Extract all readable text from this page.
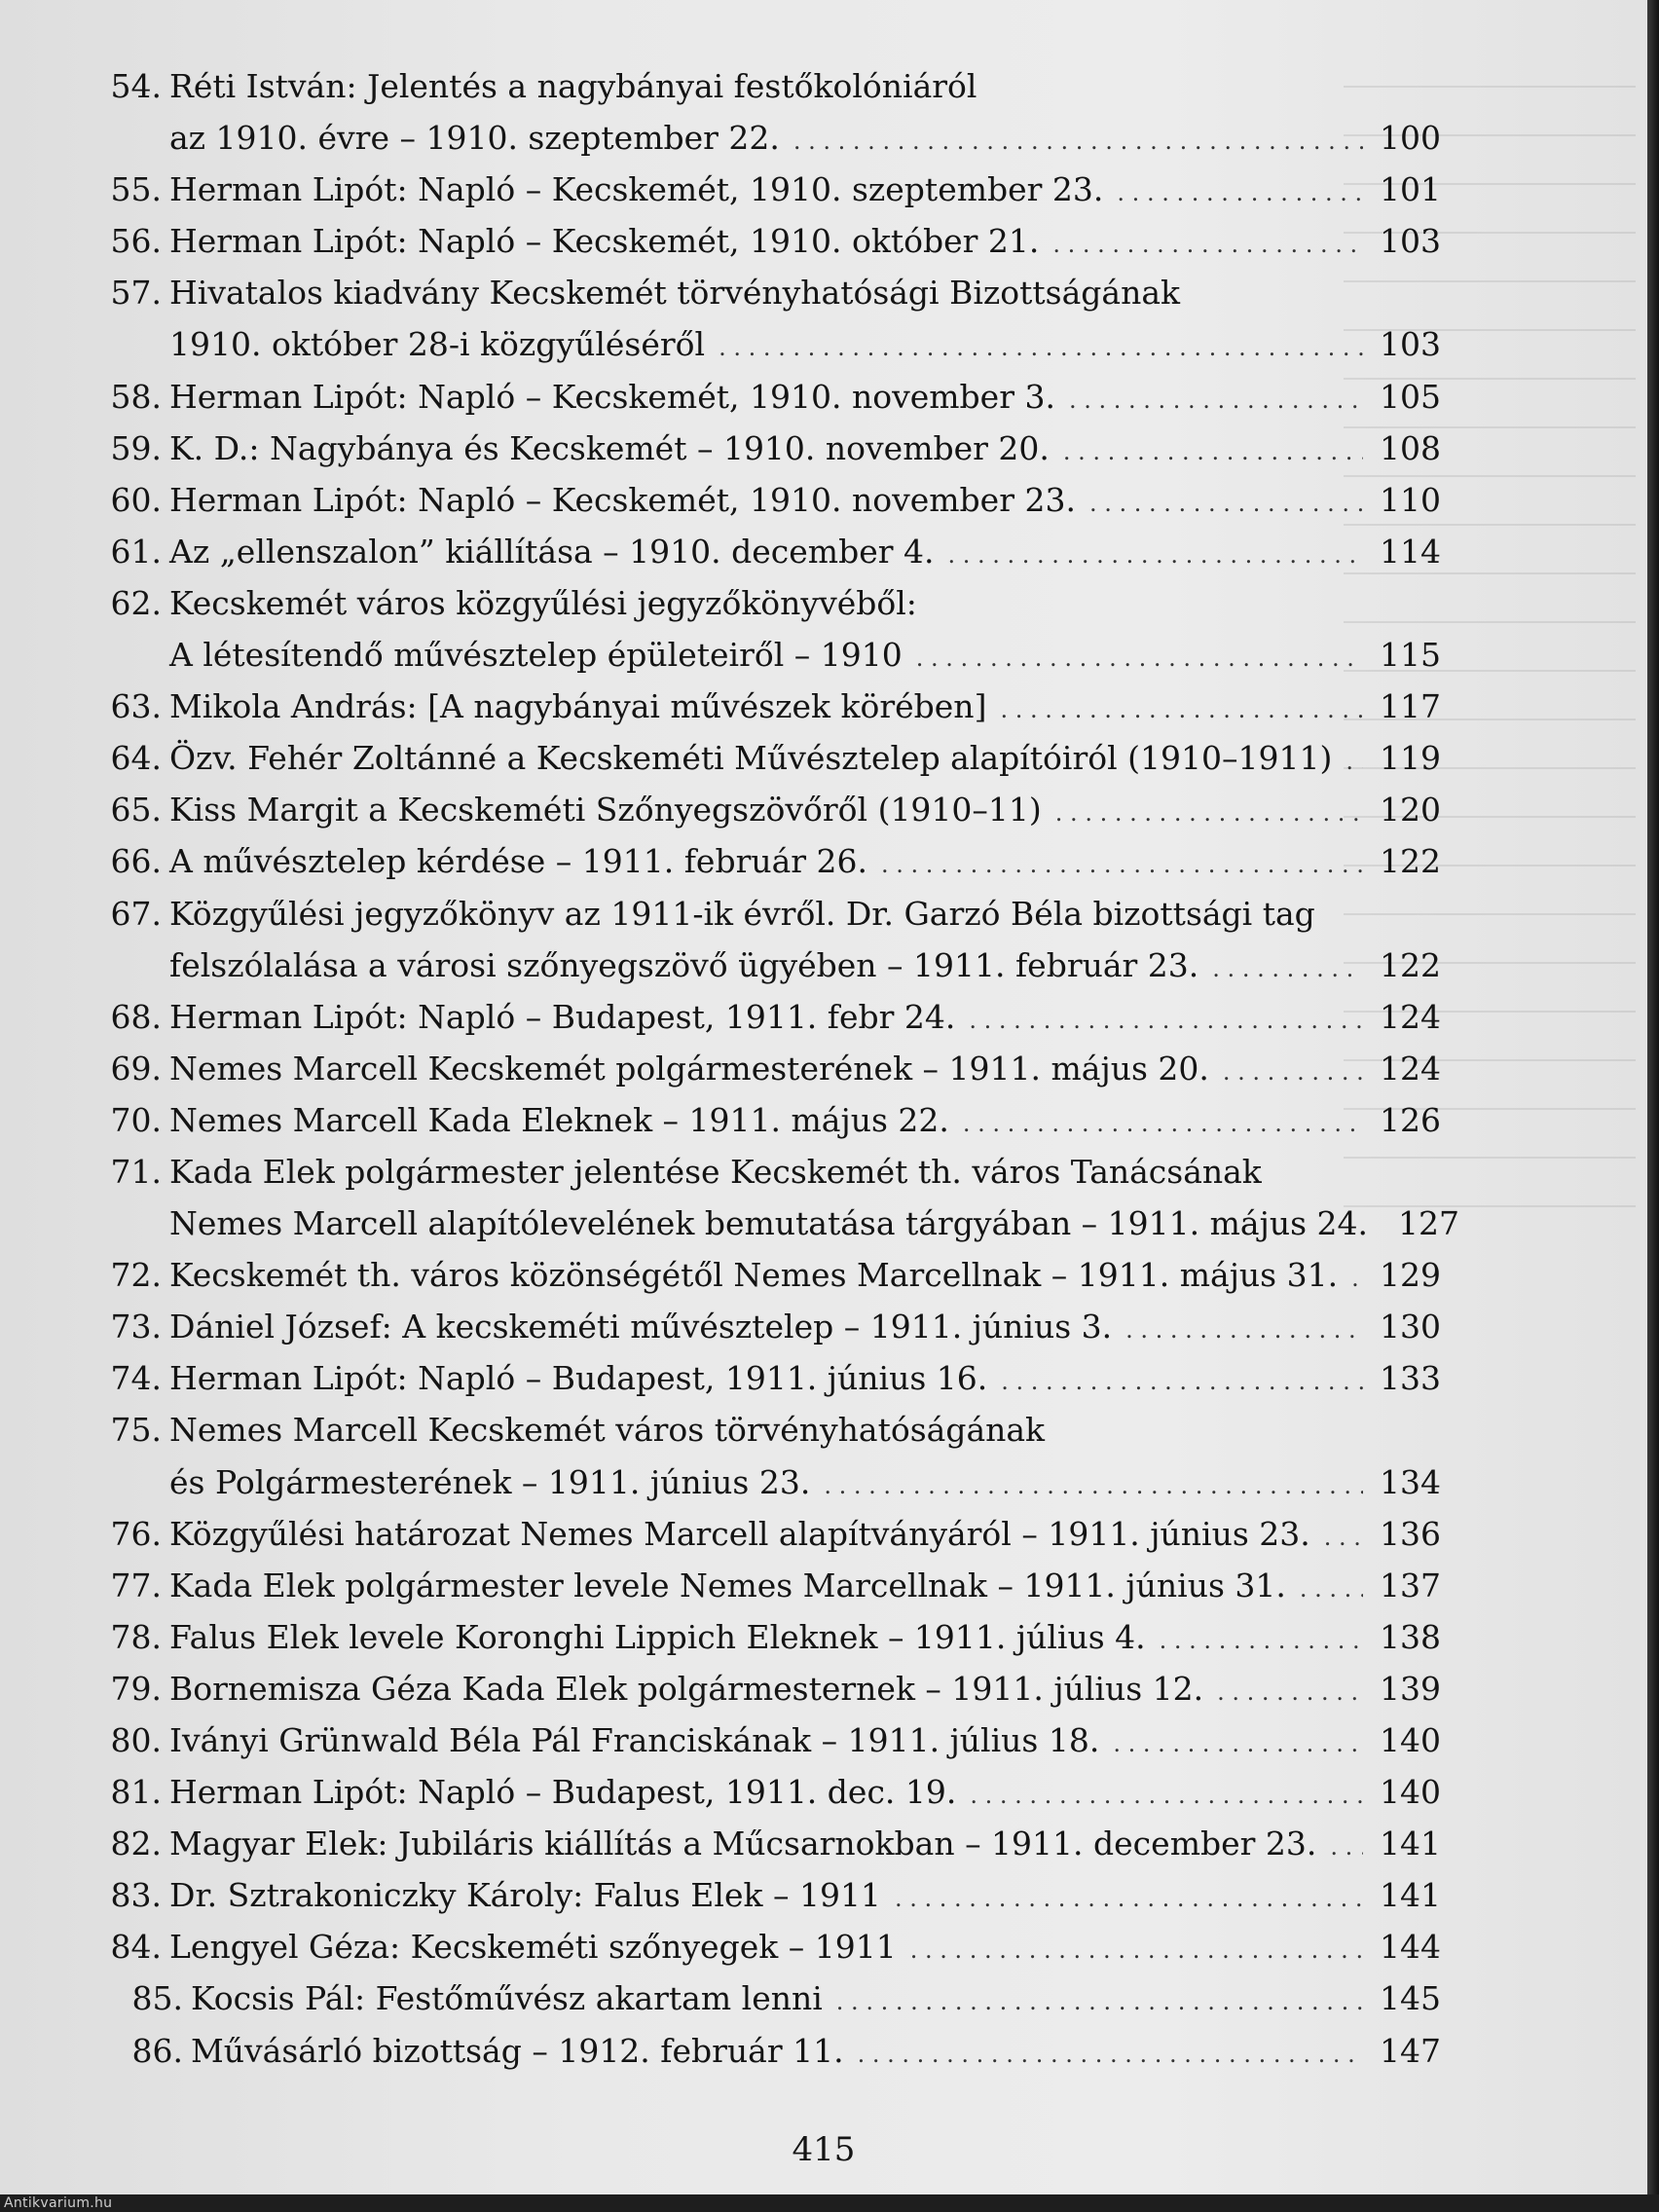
54. Réti István: Jelentés a nagybányai festőkolóniáról
az 1910. évre – 1910. szeptember 22. . . .	100
55. Herman Lipót: Napló – Kecskemét, 1910. szeptember 23. . . .	101
56. Herman Lipót: Napló – Kecskemét, 1910. október 21. . . .	103
57. Hivatalos kiadvány Kecskemét törvényhatósági Bizottságának
1910. október 28-i közgyűléséről . . .	103
58. Herman Lipót: Napló – Kecskemét, 1910. november 3. . . .	105
59. K. D.: Nagybánya és Kecskemét – 1910. november 20. . . .	108
60. Herman Lipót: Napló – Kecskemét, 1910. november 23. . . .	110
61. Az „ellenszalon” kiállítása – 1910. december 4. . . .	114
62. Kecskemét város közgyűlési jegyzőkönyvéből:
A létesítendő művésztelep épületeiről – 1910 . . .	115
63. Mikola András: [A nagybányai művészek körében] . . .	117
64. Özv. Fehér Zoltánné a Kecskeméti Művésztelep alapítóiról (1910–1911) . . . 119
65. Kiss Margit a Kecskeméti Szőnyegszövőről (1910–11) . . .	120
66. A művésztelep kérdése – 1911. február 26. . . .	122
67. Közgyűlési jegyzőkönyv az 1911-ik évről. Dr. Garzó Béla bizottsági tag
felszólalása a városi szőnyegszövő ügyében – 1911. február 23. . . .	122
68. Herman Lipót: Napló – Budapest, 1911. febr 24. . . .	124
69. Nemes Marcell Kecskemét polgármesterének – 1911. május 20. . . .	124
70. Nemes Marcell Kada Eleknek – 1911. május 22. . . .	126
71. Kada Elek polgármester jelentése Kecskemét th. város Tanácsának
Nemes Marcell alapítólevelének bemutatása tárgyában – 1911. május 24. 127
72. Kecskemét th. város közönségétől Nemes Marcellnak – 1911. május 31. . . . 129
73. Dániel József: A kecskeméti művésztelep – 1911. június 3. . . .	130
74. Herman Lipót: Napló – Budapest, 1911. június 16. . . .	133
75. Nemes Marcell Kecskemét város törvényhatóságának
és Polgármesterének – 1911. június 23. . . .	134
76. Közgyűlési határozat Nemes Marcell alapítványáról – 1911. június 23. . . . 136
77. Kada Elek polgármester levele Nemes Marcellnak – 1911. június 31. . . .	137
78. Falus Elek levele Koronghi Lippich Eleknek – 1911. július 4. . . .	138
79. Bornemisza Géza Kada Elek polgármesternek – 1911. július 12. . . .	139
80. Iványi Grünwald Béla Pál Franciskának – 1911. július 18. . . .	140
81. Herman Lipót: Napló – Budapest, 1911. dec. 19. . . .	140
82. Magyar Elek: Jubiláris kiállítás a Műcsarnokban – 1911. december 23. . . . 141
83. Dr. Sztrakoniczky Károly: Falus Elek – 1911 . . .	141
84. Lengyel Géza: Kecskeméti szőnyegek – 1911 . . .	144
85. Kocsis Pál: Festőművész akartam lenni . . .	145
86. Művásárló bizottság – 1912. február 11. . . .	147
415
Antikvarium.hu
